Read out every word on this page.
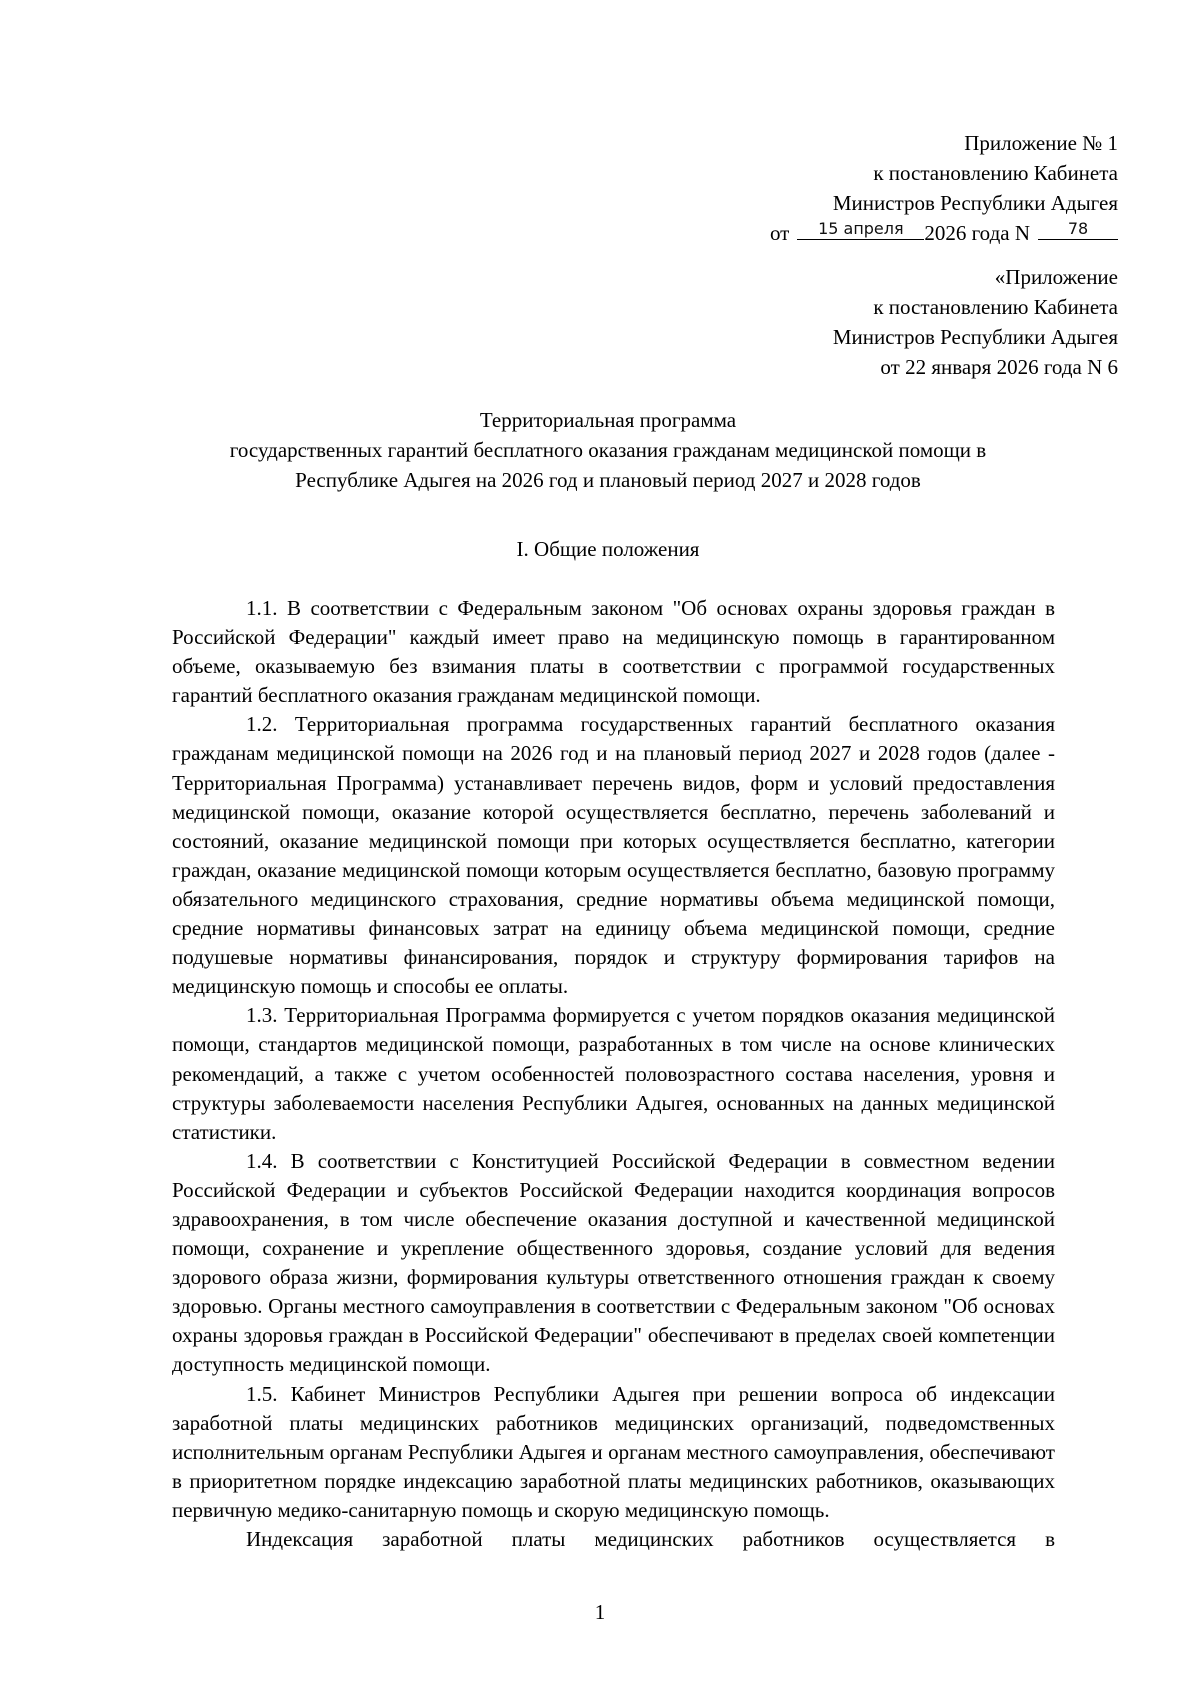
Приложение № 1

к постановлению Кабинета

Министров Республики Адыгея

от	15 апреля 2026 года N	78

«Приложение

к постановлению Кабинета

Министров Республики Адыгея

от 22 января 2026 года N 6

Территориальная программа

государственных гарантий бесплатного оказания гражданам медицинской помощи в

Республике Адыгея на 2026 год и плановый период 2027 и 2028 годов

I. Общие положения

1.1. В соответствии с Федеральным законом "Об основах охраны здоровья граждан в Российской Федерации" каждый имеет право на медицинскую помощь в гарантированном объеме, оказываемую без взимания платы в соответствии с программой государственных гарантий бесплатного оказания гражданам медицинской помощи.

1.2. Территориальная программа государственных гарантий бесплатного оказания гражданам медицинской помощи на 2026 год и на плановый период 2027 и 2028 годов (далее - Территориальная Программа) устанавливает перечень видов, форм и условий предоставления медицинской помощи, оказание которой осуществляется бесплатно, перечень заболеваний и состояний, оказание медицинской помощи при которых осуществляется бесплатно, категории граждан, оказание медицинской помощи которым осуществляется бесплатно, базовую программу обязательного медицинского страхования, средние нормативы объема медицинской помощи, средние нормативы финансовых затрат на единицу объема медицинской помощи, средние подушевые нормативы финансирования, порядок и структуру формирования тарифов на медицинскую помощь и способы ее оплаты.

1.3. Территориальная Программа формируется с учетом порядков оказания медицинской помощи, стандартов медицинской помощи, разработанных в том числе на основе клинических рекомендаций, а также с учетом особенностей половозрастного состава населения, уровня и структуры заболеваемости населения Республики Адыгея, основанных на данных медицинской статистики.

1.4. В соответствии с Конституцией Российской Федерации в совместном ведении Российской Федерации и субъектов Российской Федерации находится координация вопросов здравоохранения, в том числе обеспечение оказания доступной и качественной медицинской помощи, сохранение и укрепление общественного здоровья, создание условий для ведения здорового образа жизни, формирования культуры ответственного отношения граждан к своему здоровью. Органы местного самоуправления в соответствии с Федеральным законом "Об основах охраны здоровья граждан в Российской Федерации" обеспечивают в пределах своей компетенции доступность медицинской помощи.

1.5. Кабинет Министров Республики Адыгея при решении вопроса об индексации заработной платы медицинских работников медицинских организаций, подведомственных исполнительным органам Республики Адыгея и органам местного самоуправления, обеспечивают в приоритетном порядке индексацию заработной платы медицинских работников, оказывающих первичную медико-санитарную помощь и скорую медицинскую помощь.

Индексация заработной платы медицинских работников осуществляется в

1
